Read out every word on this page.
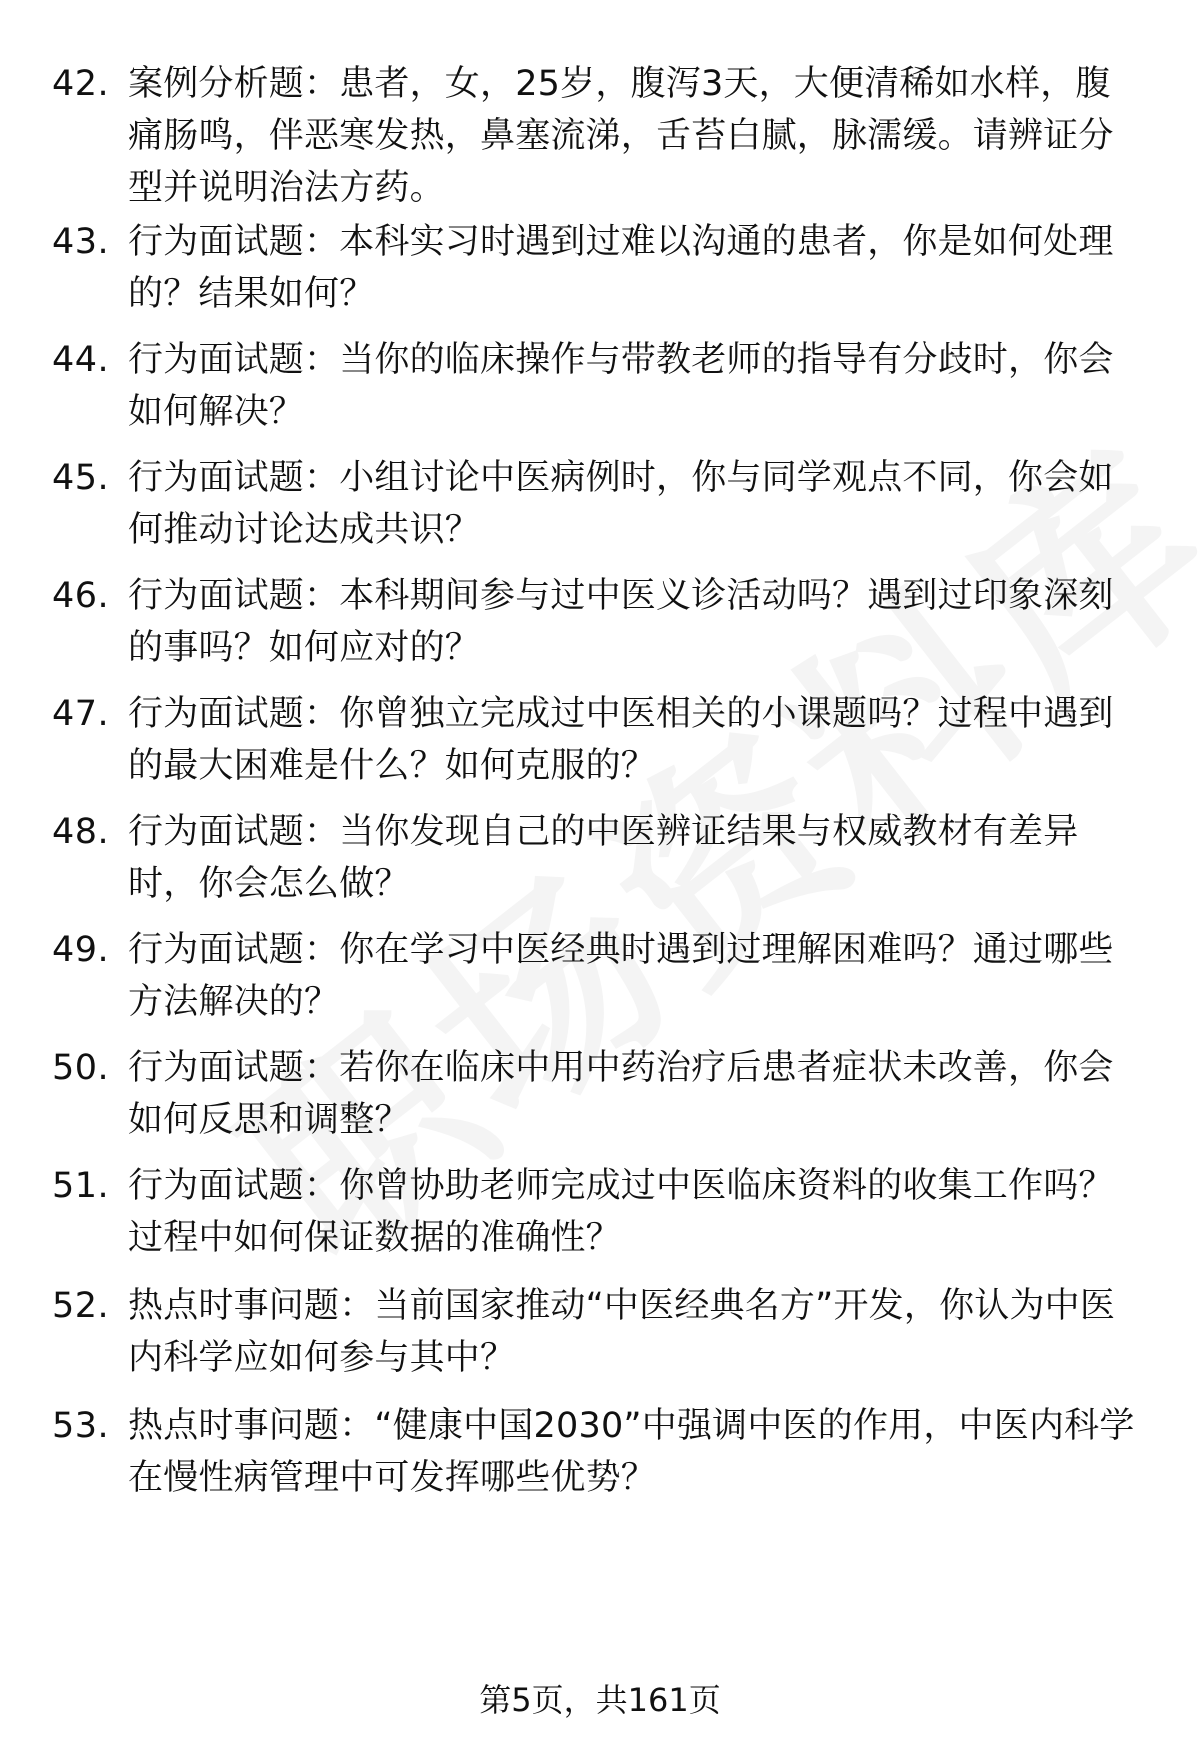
42. 案例分析题：患者，女，25岁，腹泻3天，大便清稀如水样，腹痛肠鸣，伴恶寒发热，鼻塞流涕，舌苔白腻，脉濡缓。请辨证分型并说明治法方药。
43. 行为面试题：本科实习时遇到过难以沟通的患者，你是如何处理的？结果如何？
44. 行为面试题：当你的临床操作与带教老师的指导有分歧时，你会如何解决？
45. 行为面试题：小组讨论中医病例时，你与同学观点不同，你会如何推动讨论达成共识？
46. 行为面试题：本科期间参与过中医义诊活动吗？遇到过印象深刻的事吗？如何应对的？
47. 行为面试题：你曾独立完成过中医相关的小课题吗？过程中遇到的最大困难是什么？如何克服的？
48. 行为面试题：当你发现自己的中医辨证结果与权威教材有差异时，你会怎么做？
49. 行为面试题：你在学习中医经典时遇到过理解困难吗？通过哪些方法解决的？
50. 行为面试题：若你在临床中用中药治疗后患者症状未改善，你会如何反思和调整？
51. 行为面试题：你曾协助老师完成过中医临床资料的收集工作吗？过程中如何保证数据的准确性？
52. 热点时事问题：当前国家推动“中医经典名方”开发，你认为中医内科学应如何参与其中？
53. 热点时事问题：“健康中国2030”中强调中医的作用，中医内科学在慢性病管理中可发挥哪些优势？
第5页，共161页
